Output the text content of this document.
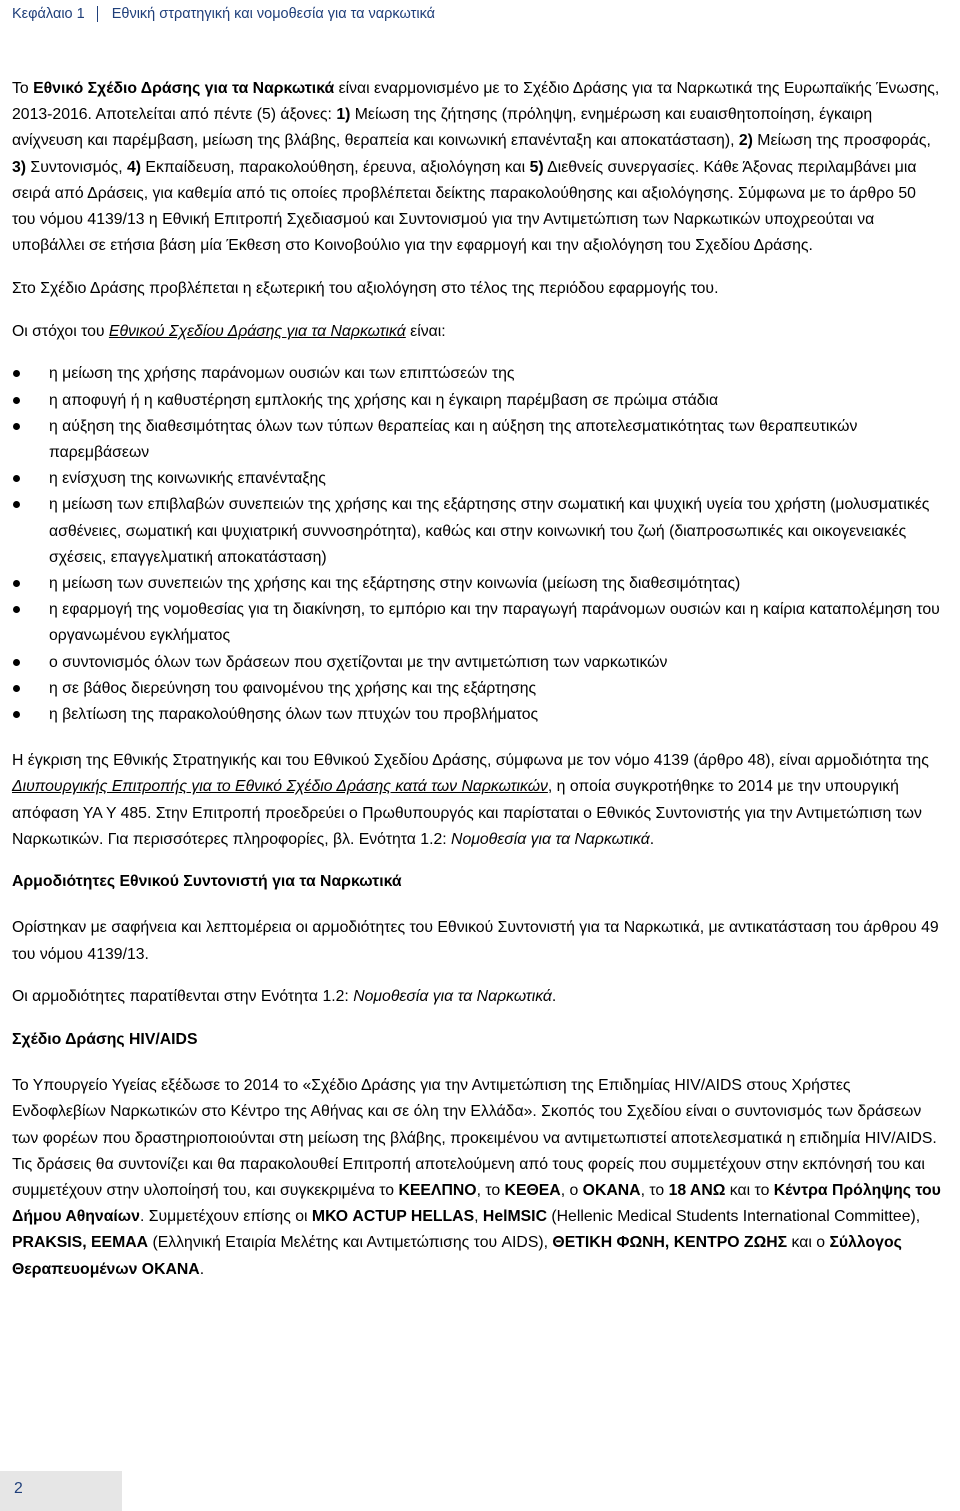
Κεφάλαιο 1 Εθνική στρατηγική και νομοθεσία για τα ναρκωτικά

Το Εθνικό Σχέδιο Δράσης για τα Ναρκωτικά είναι εναρμονισμένο με το Σχέδιο Δράσης για τα Ναρκωτικά της Ευρωπαϊκής Ένωσης, 2013-2016. Αποτελείται από πέντε (5) άξονες: 1) Μείωση της ζήτησης (πρόληψη, ενημέρωση και ευαισθητοποίηση, έγκαιρη ανίχνευση και παρέμβαση, μείωση της βλάβης, θεραπεία και κοινωνική επανένταξη και αποκατάσταση), 2) Μείωση της προσφοράς, 3) Συντονισμός, 4) Εκπαίδευση, παρακολούθηση, έρευνα, αξιολόγηση και 5) Διεθνείς συνεργασίες. Κάθε Άξονας περιλαμβάνει μια σειρά από Δράσεις, για καθεμία από τις οποίες προβλέπεται δείκτης παρακολούθησης και αξιολόγησης. Σύμφωνα με το άρθρο 50 του νόμου 4139/13 η Εθνική Επιτροπή Σχεδιασμού και Συντονισμού για την Αντιμετώπιση των Ναρκωτικών υποχρεούται να υποβάλλει σε ετήσια βάση μία Έκθεση στο Κοινοβούλιο για την εφαρμογή και την αξιολόγηση του Σχεδίου Δράσης.

Στο Σχέδιο Δράσης προβλέπεται η εξωτερική του αξιολόγηση στο τέλος της περιόδου εφαρμογής του.

Οι στόχοι του Εθνικού Σχεδίου Δράσης για τα Ναρκωτικά είναι:

η μείωση της χρήσης παράνομων ουσιών και των επιπτώσεών της
η αποφυγή ή η καθυστέρηση εμπλοκής της χρήσης και η έγκαιρη παρέμβαση σε πρώιμα στάδια
η αύξηση της διαθεσιμότητας όλων των τύπων θεραπείας και η αύξηση της αποτελεσματικότητας των θεραπευτικών παρεμβάσεων
η ενίσχυση της κοινωνικής επανένταξης
η μείωση των επιβλαβών συνεπειών της χρήσης και της εξάρτησης στην σωματική και ψυχική υγεία του χρήστη (μολυσματικές ασθένειες, σωματική και ψυχιατρική συννοσηρότητα), καθώς και στην κοινωνική του ζωή (διαπροσωπικές και οικογενειακές σχέσεις, επαγγελματική αποκατάσταση)
η μείωση των συνεπειών της χρήσης και της εξάρτησης στην κοινωνία (μείωση της διαθεσιμότητας)
η εφαρμογή της νομοθεσίας για τη διακίνηση, το εμπόριο και την παραγωγή παράνομων ουσιών και η καίρια καταπολέμηση του οργανωμένου εγκλήματος
ο συντονισμός όλων των δράσεων που σχετίζονται με την αντιμετώπιση των ναρκωτικών
η σε βάθος διερεύνηση του φαινομένου της χρήσης και της εξάρτησης
η βελτίωση της παρακολούθησης όλων των πτυχών του προβλήματος

Η έγκριση της Εθνικής Στρατηγικής και του Εθνικού Σχεδίου Δράσης, σύμφωνα με τον νόμο 4139 (άρθρο 48), είναι αρμοδιότητα της Διυπουργικής Επιτροπής για το Εθνικό Σχέδιο Δράσης κατά των Ναρκωτικών, η οποία συγκροτήθηκε το 2014 με την υπουργική απόφαση ΥΑ Υ 485. Στην Επιτροπή προεδρεύει ο Πρωθυπουργός και παρίσταται ο Εθνικός Συντονιστής για την Αντιμετώπιση των Ναρκωτικών. Για περισσότερες πληροφορίες, βλ. Ενότητα 1.2: Νομοθεσία για τα Ναρκωτικά.

Αρμοδιότητες Εθνικού Συντονιστή για τα Ναρκωτικά

Ορίστηκαν με σαφήνεια και λεπτομέρεια οι αρμοδιότητες του Εθνικού Συντονιστή για τα Ναρκωτικά, με αντικατάσταση του άρθρου 49 του νόμου 4139/13.

Οι αρμοδιότητες παρατίθενται στην Ενότητα 1.2: Νομοθεσία για τα Ναρκωτικά.

Σχέδιο Δράσης HIV/AIDS

Το Υπουργείο Υγείας εξέδωσε το 2014 το «Σχέδιο Δράσης για την Αντιμετώπιση της Επιδημίας HIV/AIDS στους Χρήστες Ενδοφλεβίων Ναρκωτικών στο Κέντρο της Αθήνας και σε όλη την Ελλάδα». Σκοπός του Σχεδίου είναι ο συντονισμός των δράσεων των φορέων που δραστηριοποιούνται στη μείωση της βλάβης, προκειμένου να αντιμετωπιστεί αποτελεσματικά η επιδημία HIV/AIDS. Τις δράσεις θα συντονίζει και θα παρακολουθεί Επιτροπή αποτελούμενη από τους φορείς που συμμετέχουν στην εκπόνησή του και συμμετέχουν στην υλοποίησή του, και συγκεκριμένα το ΚΕΕΛΠΝΟ, το ΚΕΘΕΑ, ο ΟΚΑΝΑ, το 18 ΑΝΩ και το Κέντρα Πρόληψης του Δήμου Αθηναίων. Συμμετέχουν επίσης οι ΜΚΟ ACTUP HELLAS, HelMSIC (Hellenic Medical Students International Committee), PRAKSIS, ΕΕΜΑΑ (Ελληνική Εταιρία Μελέτης και Αντιμετώπισης του AIDS), ΘΕΤΙΚΗ ΦΩΝΗ, ΚΕΝΤΡΟ ΖΩΗΣ και ο Σύλλογος Θεραπευομένων ΟΚΑΝΑ.

2
